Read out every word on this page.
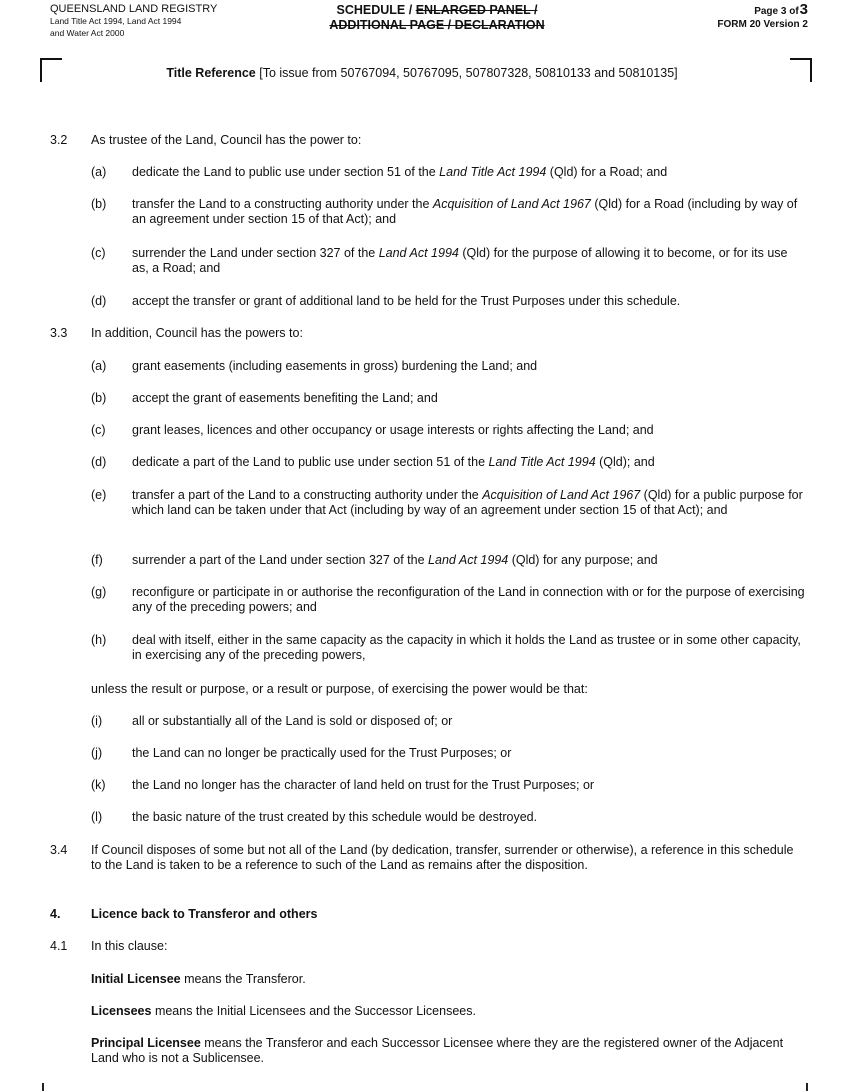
QUEENSLAND LAND REGISTRY
Land Title Act 1994, Land Act 1994
and Water Act 2000
SCHEDULE / ENLARGED PANEL /
ADDITIONAL PAGE / DECLARATION
Page 3 of3
FORM 20 Version 2
Title Reference [To issue from 50767094, 50767095, 507807328, 50810133 and 50810135]
3.2 As trustee of the Land, Council has the power to:
(a) dedicate the Land to public use under section 51 of the Land Title Act 1994 (Qld) for a Road; and
(b) transfer the Land to a constructing authority under the Acquisition of Land Act 1967 (Qld) for a Road (including by way of an agreement under section 15 of that Act); and
(c) surrender the Land under section 327 of the Land Act 1994 (Qld) for the purpose of allowing it to become, or for its use as, a Road; and
(d) accept the transfer or grant of additional land to be held for the Trust Purposes under this schedule.
3.3 In addition, Council has the powers to:
(a) grant easements (including easements in gross) burdening the Land; and
(b) accept the grant of easements benefiting the Land; and
(c) grant leases, licences and other occupancy or usage interests or rights affecting the Land; and
(d) dedicate a part of the Land to public use under section 51 of the Land Title Act 1994 (Qld); and
(e) transfer a part of the Land to a constructing authority under the Acquisition of Land Act 1967 (Qld) for a public purpose for which land can be taken under that Act (including by way of an agreement under section 15 of that Act); and
(f) surrender a part of the Land under section 327 of the Land Act 1994 (Qld) for any purpose; and
(g) reconfigure or participate in or authorise the reconfiguration of the Land in connection with or for the purpose of exercising any of the preceding powers; and
(h) deal with itself, either in the same capacity as the capacity in which it holds the Land as trustee or in some other capacity, in exercising any of the preceding powers,
unless the result or purpose, or a result or purpose, of exercising the power would be that:
(i) all or substantially all of the Land is sold or disposed of; or
(j) the Land can no longer be practically used for the Trust Purposes; or
(k) the Land no longer has the character of land held on trust for the Trust Purposes; or
(l) the basic nature of the trust created by this schedule would be destroyed.
3.4 If Council disposes of some but not all of the Land (by dedication, transfer, surrender or otherwise), a reference in this schedule to the Land is taken to be a reference to such of the Land as remains after the disposition.
4. Licence back to Transferor and others
4.1 In this clause:
Initial Licensee means the Transferor.
Licensees means the Initial Licensees and the Successor Licensees.
Principal Licensee means the Transferor and each Successor Licensee where they are the registered owner of the Adjacent Land who is not a Sublicensee.
